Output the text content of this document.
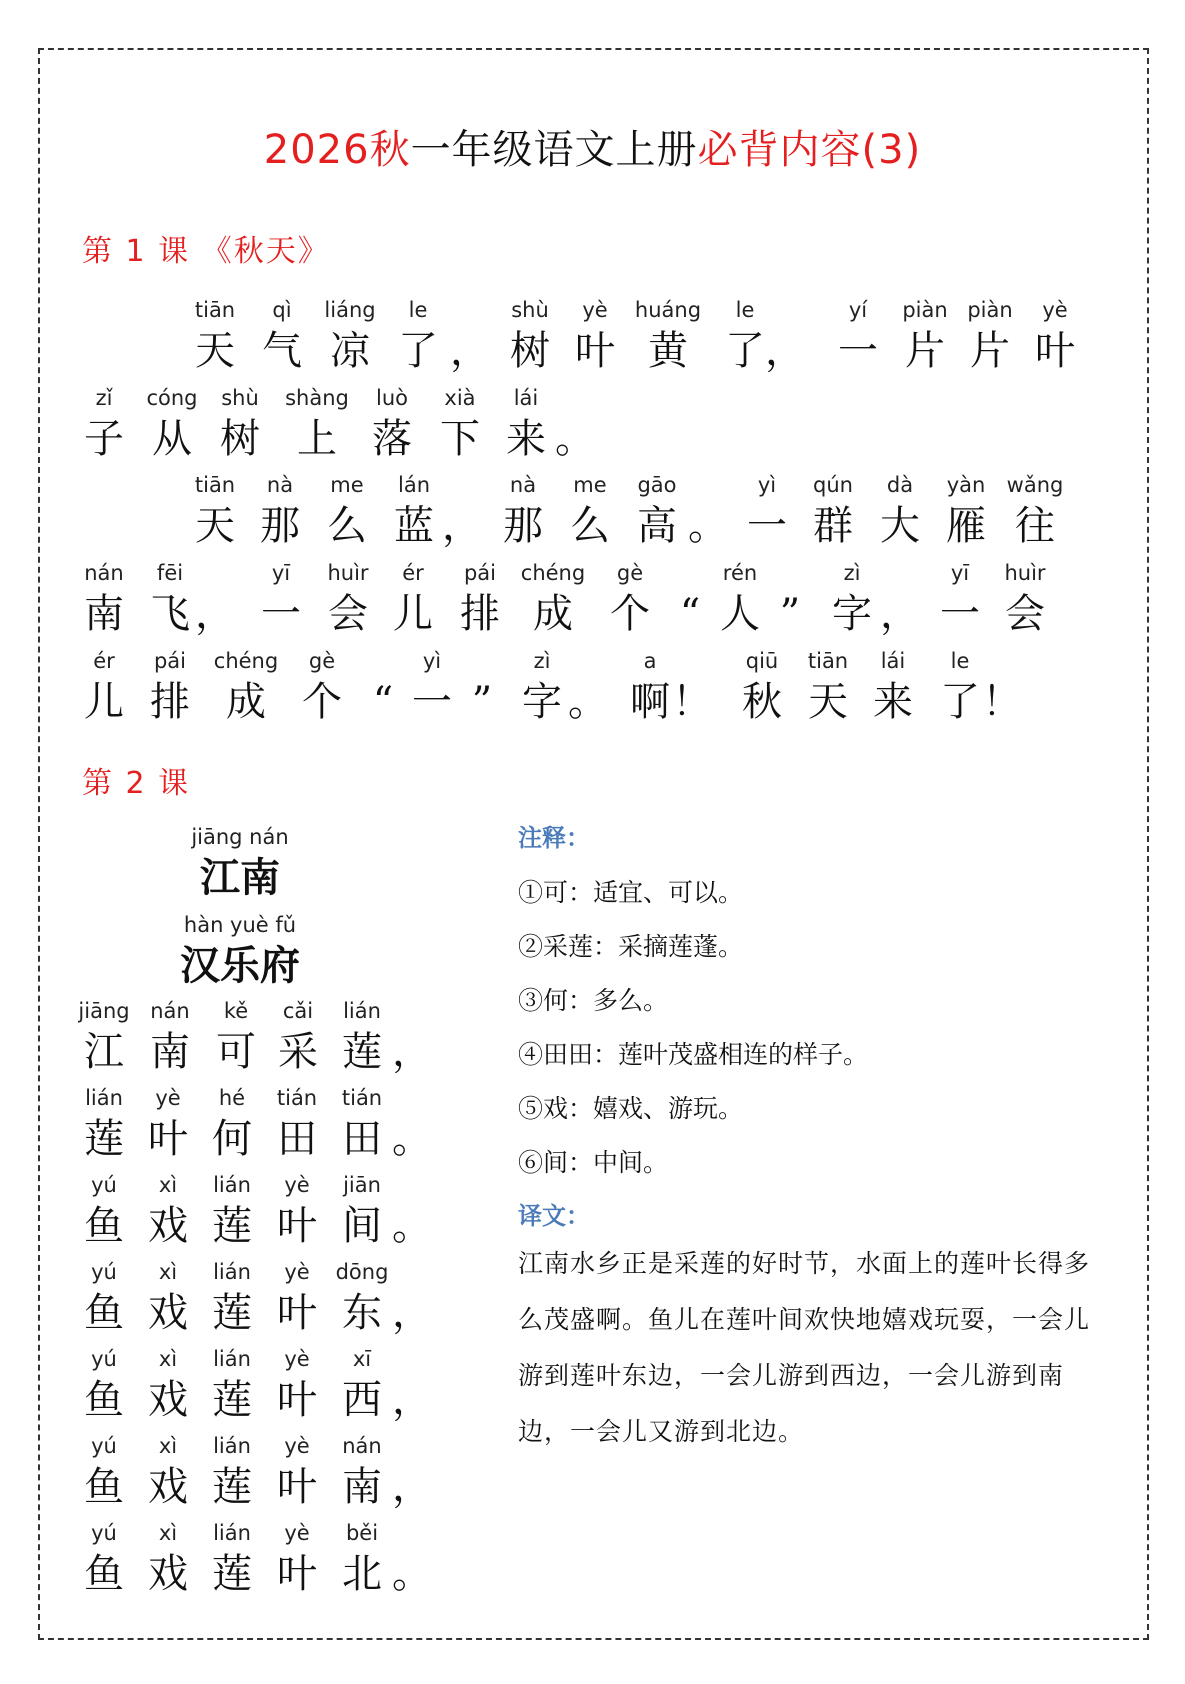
2026秋一年级语文上册必背内容(3)
第 1 课 《秋天》
tiān
天
qì
气
liáng
凉
le
了 ，
shù
树
yè
叶
huáng
黄
le
了 ，
yí
一
piàn
片
piàn
片
yè
叶
zǐ
子
cóng
从
shù
树
shàng
上
luò
落
xià
下
lái
来 。
tiān
天
nà
那
me
么
lán
蓝 ，
nà
那
me
么
gāo
高 。
yì
一
qún
群
dà
大
yàn
雁
wǎng
往
nán
南
fēi
飞 ，
yī
一
huìr
会
ér
儿
pái
排
chéng
成
gè
个 “
rén
人 ”
zì
字 ，
yī
一
huìr
会
ér
儿
pái
排
chéng
成
gè
个 “
yì
一 ”
zì
字 。
a
啊 ！
qiū
秋
tiān
天
lái
来
le
了 ！
第 2 课
jiāng nán
江南
hàn yuè fǔ
汉乐府
jiāng
江
nán
南
kě
可
cǎi
采
lián
莲 ，
lián
莲
yè
叶
hé
何
tián
田
tián
田 。
yú
鱼
xì
戏
lián
莲
yè
叶
jiān
间 。
yú
鱼
xì
戏
lián
莲
yè
叶
dōng
东 ，
yú
鱼
xì
戏
lián
莲
yè
叶
xī
西 ，
yú
鱼
xì
戏
lián
莲
yè
叶
nán
南 ，
yú
鱼
xì
戏
lián
莲
yè
叶
běi
北 。
注释：
①可：适宜、可以。
②采莲：采摘莲蓬。
③何：多么。
④田田：莲叶茂盛相连的样子。
⑤戏：嬉戏、游玩。
⑥间：中间。
译文：
江南水乡正是采莲的好时节，水面上的莲叶长得多么茂盛啊。鱼儿在莲叶间欢快地嬉戏玩耍，一会儿游到莲叶东边，一会儿游到西边，一会儿游到南边，一会儿又游到北边。
